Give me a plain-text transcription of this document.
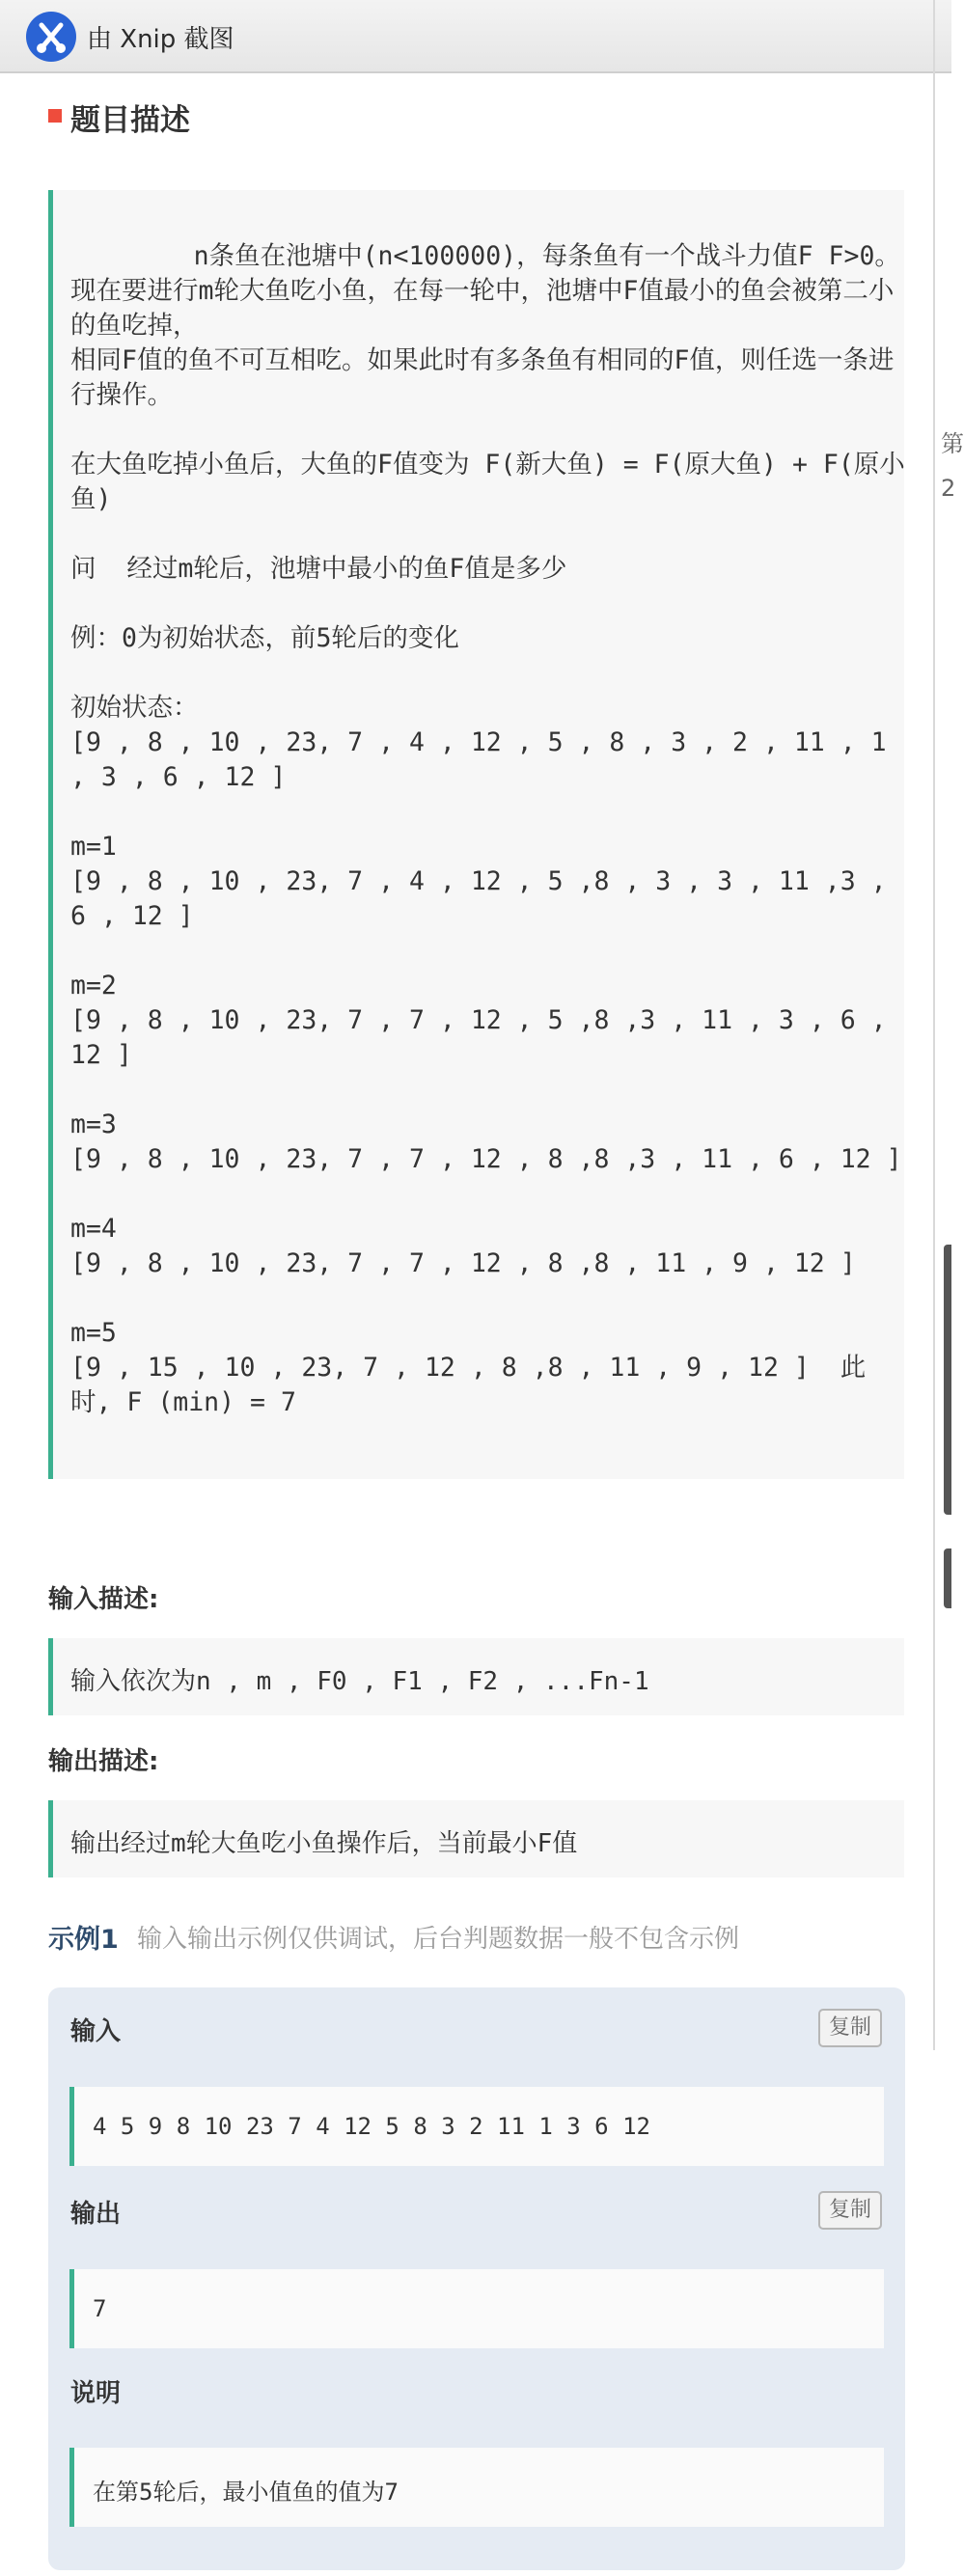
由 Xnip 截图
第
2
题目描述
n条鱼在池塘中(n<100000)，每条鱼有一个战斗力值F F>0。
现在要进行m轮大鱼吃小鱼，在每一轮中，池塘中F值最小的鱼会被第二小的鱼吃掉，
相同F值的鱼不可互相吃。如果此时有多条鱼有相同的F值，则任选一条进行操作。

在大鱼吃掉小鱼后，大鱼的F值变为 F(新大鱼) = F(原大鱼) + F(原小鱼)

问  经过m轮后，池塘中最小的鱼F值是多少

例：0为初始状态，前5轮后的变化

初始状态：
[9 , 8 , 10 , 23, 7 , 4 , 12 , 5 , 8 , 3 , 2 , 11 , 1 , 3 , 6 , 12 ]

m=1
[9 , 8 , 10 , 23, 7 , 4 , 12 , 5 ,8 , 3 , 3 , 11 ,3 , 6 , 12 ]

m=2
[9 , 8 , 10 , 23, 7 , 7 , 12 , 5 ,8 ,3 , 11 , 3 , 6 , 12 ]

m=3
[9 , 8 , 10 , 23, 7 , 7 , 12 , 8 ,8 ,3 , 11 , 6 , 12 ]

m=4
[9 , 8 , 10 , 23, 7 , 7 , 12 , 8 ,8 , 11 , 9 , 12 ]

m=5
[9 , 15 , 10 , 23, 7 , 12 , 8 ,8 , 11 , 9 , 12 ]  此时, F (min) = 7
输入描述:
输入依次为n , m , F0 , F1 , F2 , ...Fn-1
输出描述:
输出经过m轮大鱼吃小鱼操作后，当前最小F值
示例1 输入输出示例仅供调试，后台判题数据一般不包含示例
输入	复制
4 5 9 8 10 23 7 4 12 5 8 3 2 11 1 3 6 12
输出	复制
7
说明
在第5轮后，最小值鱼的值为7
